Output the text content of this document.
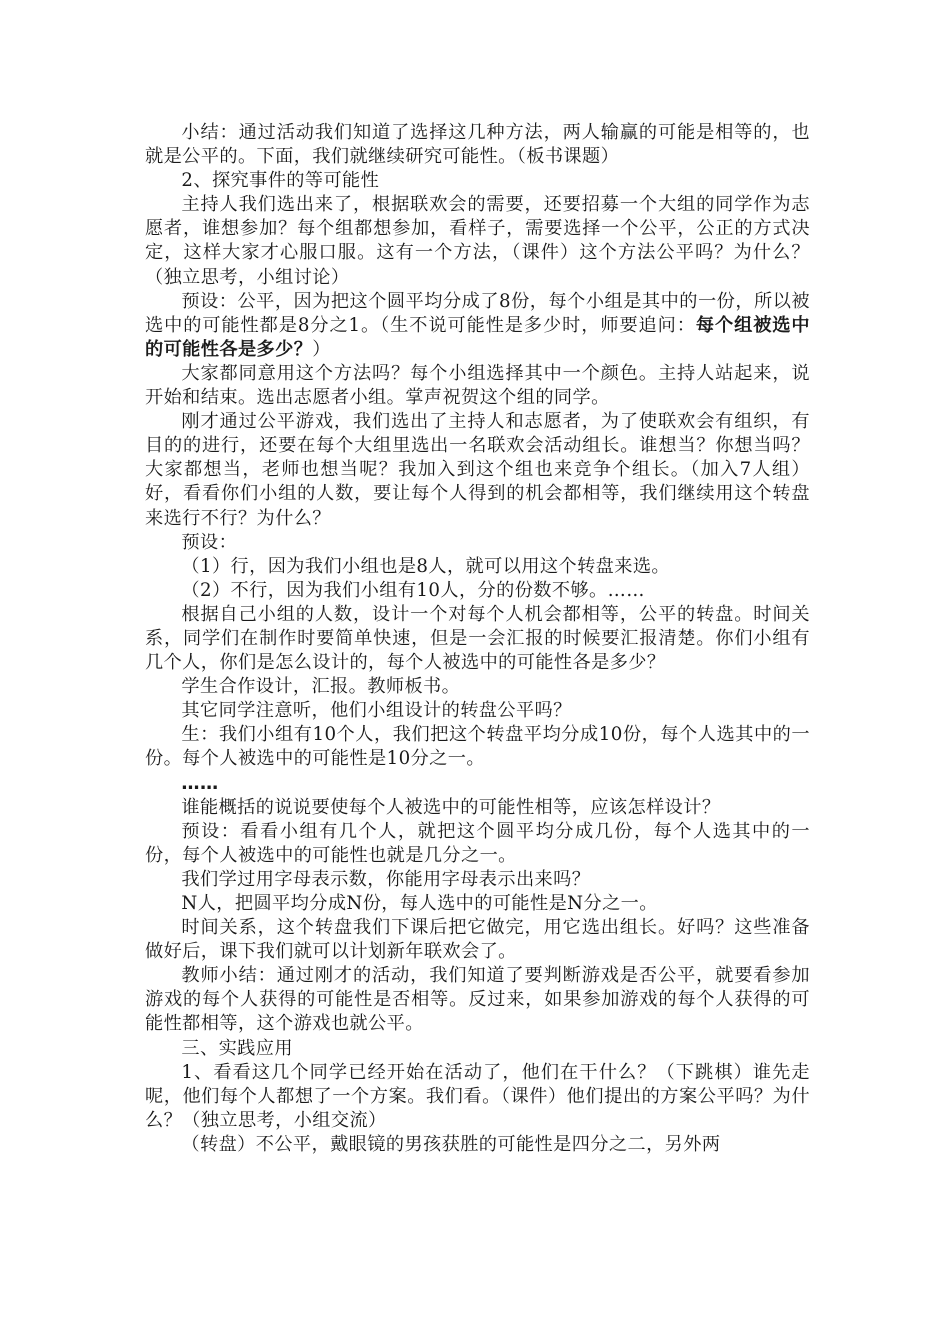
小结：通过活动我们知道了选择这几种方法，两人输赢的可能是相等的，也就是公平的。下面，我们就继续研究可能性。（板书课题）

2、探究事件的等可能性

主持人我们选出来了，根据联欢会的需要，还要招募一个大组的同学作为志愿者，谁想参加？每个组都想参加，看样子，需要选择一个公平，公正的方式决定，这样大家才心服口服。这有一个方法，（课件）这个方法公平吗？为什么？（独立思考，小组讨论）

预设：公平，因为把这个圆平均分成了8份，每个小组是其中的一份，所以被选中的可能性都是8分之1。（生不说可能性是多少时，师要追问：每个组被选中的可能性各是多少？）

大家都同意用这个方法吗？每个小组选择其中一个颜色。主持人站起来，说开始和结束。选出志愿者小组。掌声祝贺这个组的同学。

刚才通过公平游戏，我们选出了主持人和志愿者，为了使联欢会有组织，有目的的进行，还要在每个大组里选出一名联欢会活动组长。谁想当？你想当吗？大家都想当，老师也想当呢？我加入到这个组也来竞争个组长。（加入7人组）好，看看你们小组的人数，要让每个人得到的机会都相等，我们继续用这个转盘来选行不行？为什么？

预设：

（1）行，因为我们小组也是8人，就可以用这个转盘来选。

（2）不行，因为我们小组有10人，分的份数不够。……

根据自己小组的人数，设计一个对每个人机会都相等，公平的转盘。时间关系，同学们在制作时要简单快速，但是一会汇报的时候要汇报清楚。你们小组有几个人，你们是怎么设计的，每个人被选中的可能性各是多少？

学生合作设计，汇报。教师板书。

其它同学注意听，他们小组设计的转盘公平吗？

生：我们小组有10个人，我们把这个转盘平均分成10份，每个人选其中的一份。每个人被选中的可能性是10分之一。

……

谁能概括的说说要使每个人被选中的可能性相等，应该怎样设计？

预设：看看小组有几个人，就把这个圆平均分成几份，每个人选其中的一份，每个人被选中的可能性也就是几分之一。

我们学过用字母表示数，你能用字母表示出来吗？

N人，把圆平均分成N份，每人选中的可能性是N分之一。

时间关系，这个转盘我们下课后把它做完，用它选出组长。好吗？这些准备做好后，课下我们就可以计划新年联欢会了。

教师小结：通过刚才的活动，我们知道了要判断游戏是否公平，就要看参加游戏的每个人获得的可能性是否相等。反过来，如果参加游戏的每个人获得的可能性都相等，这个游戏也就公平。

三、实践应用

1、看看这几个同学已经开始在活动了，他们在干什么？（下跳棋）谁先走呢，他们每个人都想了一个方案。我们看。（课件）他们提出的方案公平吗？为什么？（独立思考，小组交流）

（转盘）不公平，戴眼镜的男孩获胜的可能性是四分之二，另外两
